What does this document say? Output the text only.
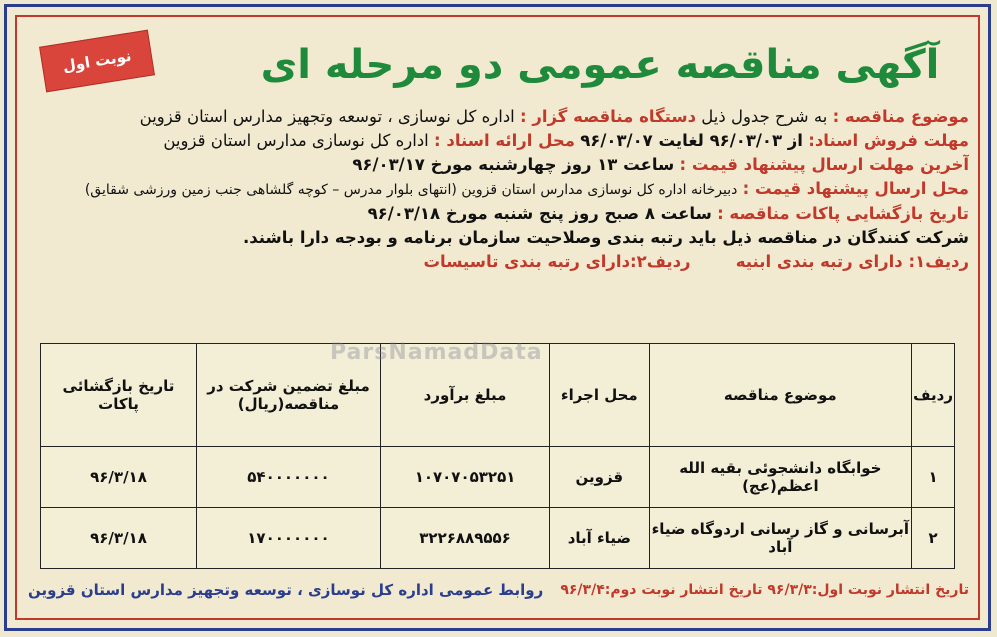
نوبت اول	آگهی مناقصه عمومی دو مرحله ای
موضوع مناقصه : به شرح جدول ذیل دستگاه مناقصه گزار : اداره کل نوسازی ، توسعه وتجهیز مدارس استان قزوین
مهلت فروش اسناد: از ۹۶/۰۳/۰۳ لغایت ۹۶/۰۳/۰۷ محل ارائه اسناد : اداره کل نوسازی مدارس استان قزوین
آخرین مهلت ارسال پیشنهاد قیمت : ساعت ۱۳ روز چهارشنبه مورخ ۹۶/۰۳/۱۷
محل ارسال پیشنهاد قیمت : دبیرخانه اداره کل نوسازی مدارس استان قزوین (انتهای بلوار مدرس – کوچه گلشاهی جنب زمین ورزشی شقایق)
تاریخ بازگشایی پاکات مناقصه : ساعت ۸ صبح روز پنج شنبه مورخ ۹۶/۰۳/۱۸
شرکت کنندگان در مناقصه ذیل باید رتبه بندی وصلاحیت سازمان برنامه و بودجه دارا باشند.
ردیف۱: دارای رتبه بندی ابنیه ردیف۲:دارای رتبه بندی تاسیسات
ردیف	موضوع مناقصه	محل اجراء	مبلغ برآورد	مبلغ تضمین شرکت در مناقصه(ریال)	تاریخ بازگشائی پاکات
۱	خوابگاه دانشجوئی بقیه الله اعظم(عج)	قزوین	۱۰۷۰۷۰۵۳۲۵۱	۵۴۰۰۰۰۰۰۰	۹۶/۳/۱۸
۲	آبرسانی و گاز رسانی اردوگاه ضیاء آباد	ضیاء آباد	۳۲۲۶۸۸۹۵۵۶	۱۷۰۰۰۰۰۰۰	۹۶/۳/۱۸
ParsNamadData
تاریخ انتشار نوبت اول:۹۶/۳/۳ تاریخ انتشار نوبت دوم:۹۶/۳/۴
روابط عمومی اداره کل نوسازی ، توسعه وتجهیز مدارس استان قزوین
